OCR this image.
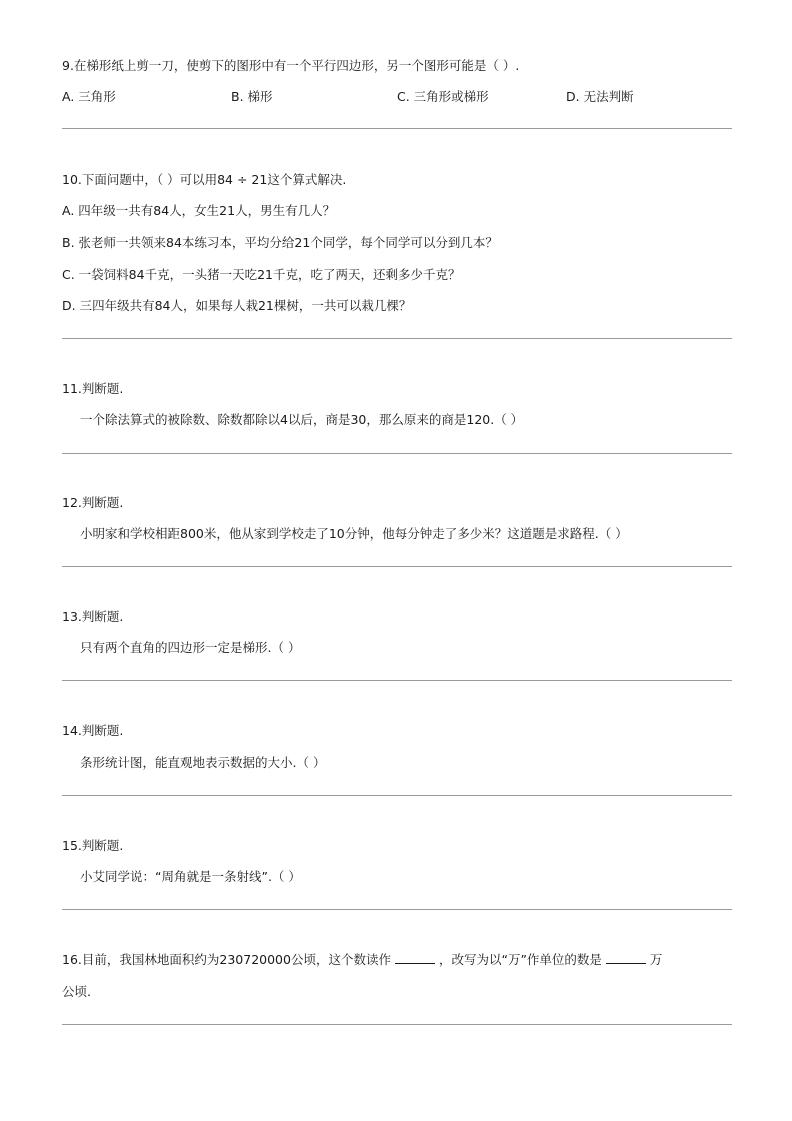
9.在梯形纸上剪一刀，使剪下的图形中有一个平行四边形，另一个图形可能是（ ）.
A. 三角形	B. 梯形	C. 三角形或梯形	D. 无法判断
10.下面问题中，（ ）可以用84 ÷ 21这个算式解决.
A. 四年级一共有84人，女生21人，男生有几人？
B. 张老师一共领来84本练习本，平均分给21个同学，每个同学可以分到几本？
C. 一袋饲料84千克，一头猪一天吃21千克，吃了两天，还剩多少千克？
D. 三四年级共有84人，如果每人栽21棵树，一共可以栽几棵？
11.判断题.
一个除法算式的被除数、除数都除以4以后，商是30，那么原来的商是120.（ ）
12.判断题.
小明家和学校相距800米，他从家到学校走了10分钟，他每分钟走了多少米？这道题是求路程.（ ）
13.判断题.
只有两个直角的四边形一定是梯形.（ ）
14.判断题.
条形统计图，能直观地表示数据的大小.（ ）
15.判断题.
小艾同学说：“周角就是一条射线”.（ ）
16.目前，我国林地面积约为230720000公顷，这个数读作	，改写为以“万”作单位的数是	万
公顷.
